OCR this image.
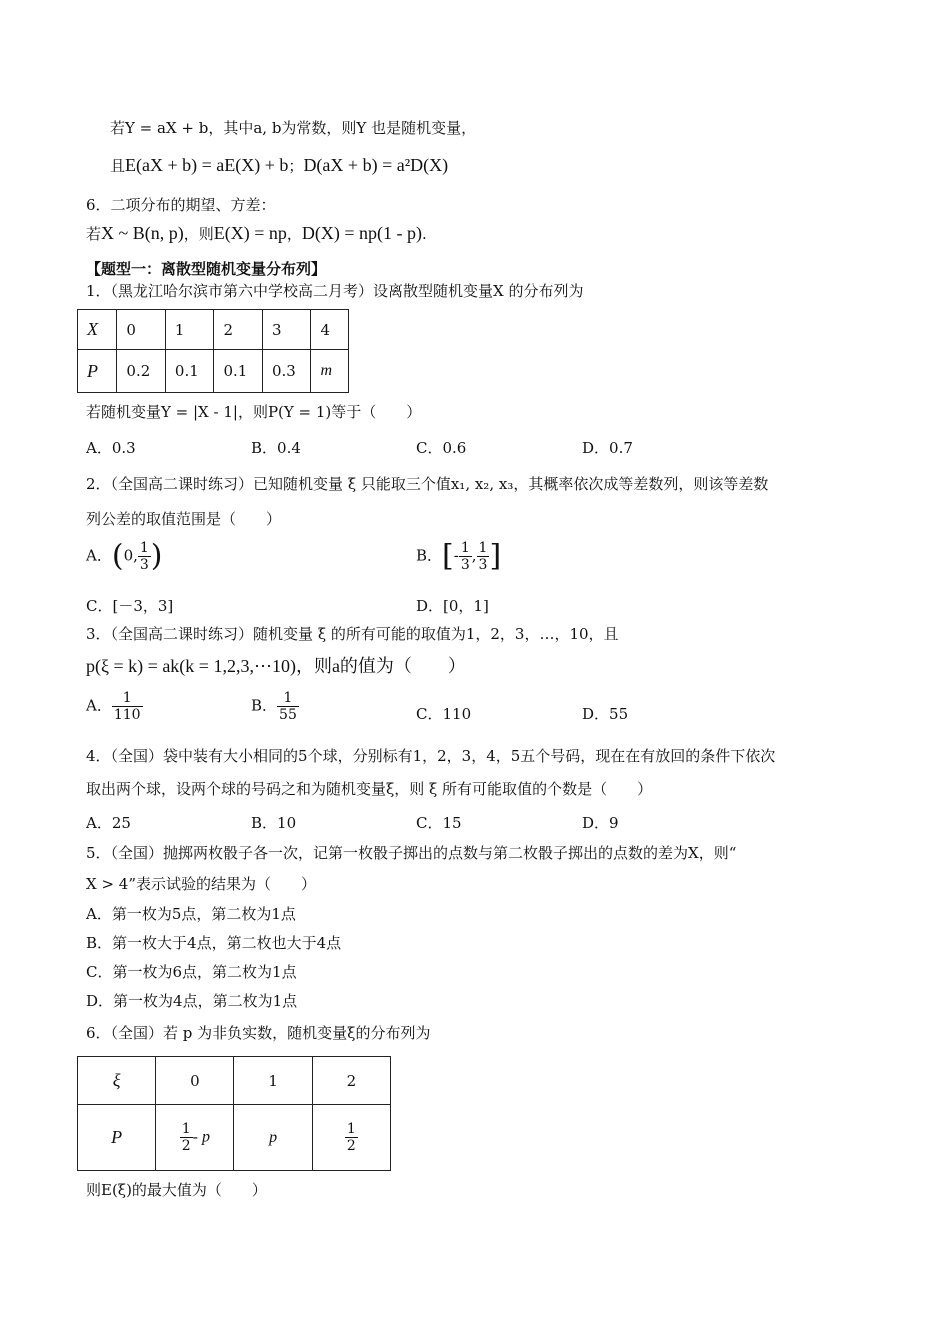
若Y = aX + b，其中a, b为常数，则Y 也是随机变量，
且E(aX + b) = aE(X) + b；D(aX + b) = a²D(X)
6．二项分布的期望、方差：
若X ~ B(n, p)，则E(X) = np，D(X) = np(1 - p).
【题型一：离散型随机变量分布列】
1．（黑龙江哈尔滨市第六中学校高二月考）设离散型随机变量X 的分布列为
X	0	1	2	3	4
P	0.2	0.1	0.1	0.3	m
若随机变量Y = |X - 1|，则P(Y = 1)等于（　　）
A．0.3	B．0.4	C．0.6	D．0.7
2．（全国高二课时练习）已知随机变量 ξ 只能取三个值x₁, x₂, x₃，其概率依次成等差数列，则该等差数
列公差的取值范围是（　　）
A．(0, $\frac{1}{3}$ )	B．[- $\frac{1}{3}$ , $\frac{1}{3}$ ]
C．[－3，3]	D．[0，1]
3．（全国高二课时练习）随机变量 ξ 的所有可能的取值为1，2，3，…，10，且
p(ξ = k) = ak(k = 1,2,3,⋯10)，则a的值为（　　）
A． $\frac{1}{110}$	B． $\frac{1}{55}$	C．110	D．55
4．（全国）袋中装有大小相同的5个球，分别标有1，2，3，4，5五个号码，现在在有放回的条件下依次
取出两个球，设两个球的号码之和为随机变量ξ，则 ξ 所有可能取值的个数是（　　）
A．25	B．10	C．15	D．9
5．（全国）抛掷两枚骰子各一次，记第一枚骰子掷出的点数与第二枚骰子掷出的点数的差为X，则“
X > 4”表示试验的结果为（　　）
A．第一枚为5点，第二枚为1点
B．第一枚大于4点，第二枚也大于4点
C．第一枚为6点，第二枚为1点
D．第一枚为4点，第二枚为1点
6．（全国）若 p 为非负实数，随机变量ξ的分布列为
ξ	0	1	2
P	$\frac{1}{2}$ - p	p	$\frac{1}{2}$
则E(ξ)的最大值为（　　）
